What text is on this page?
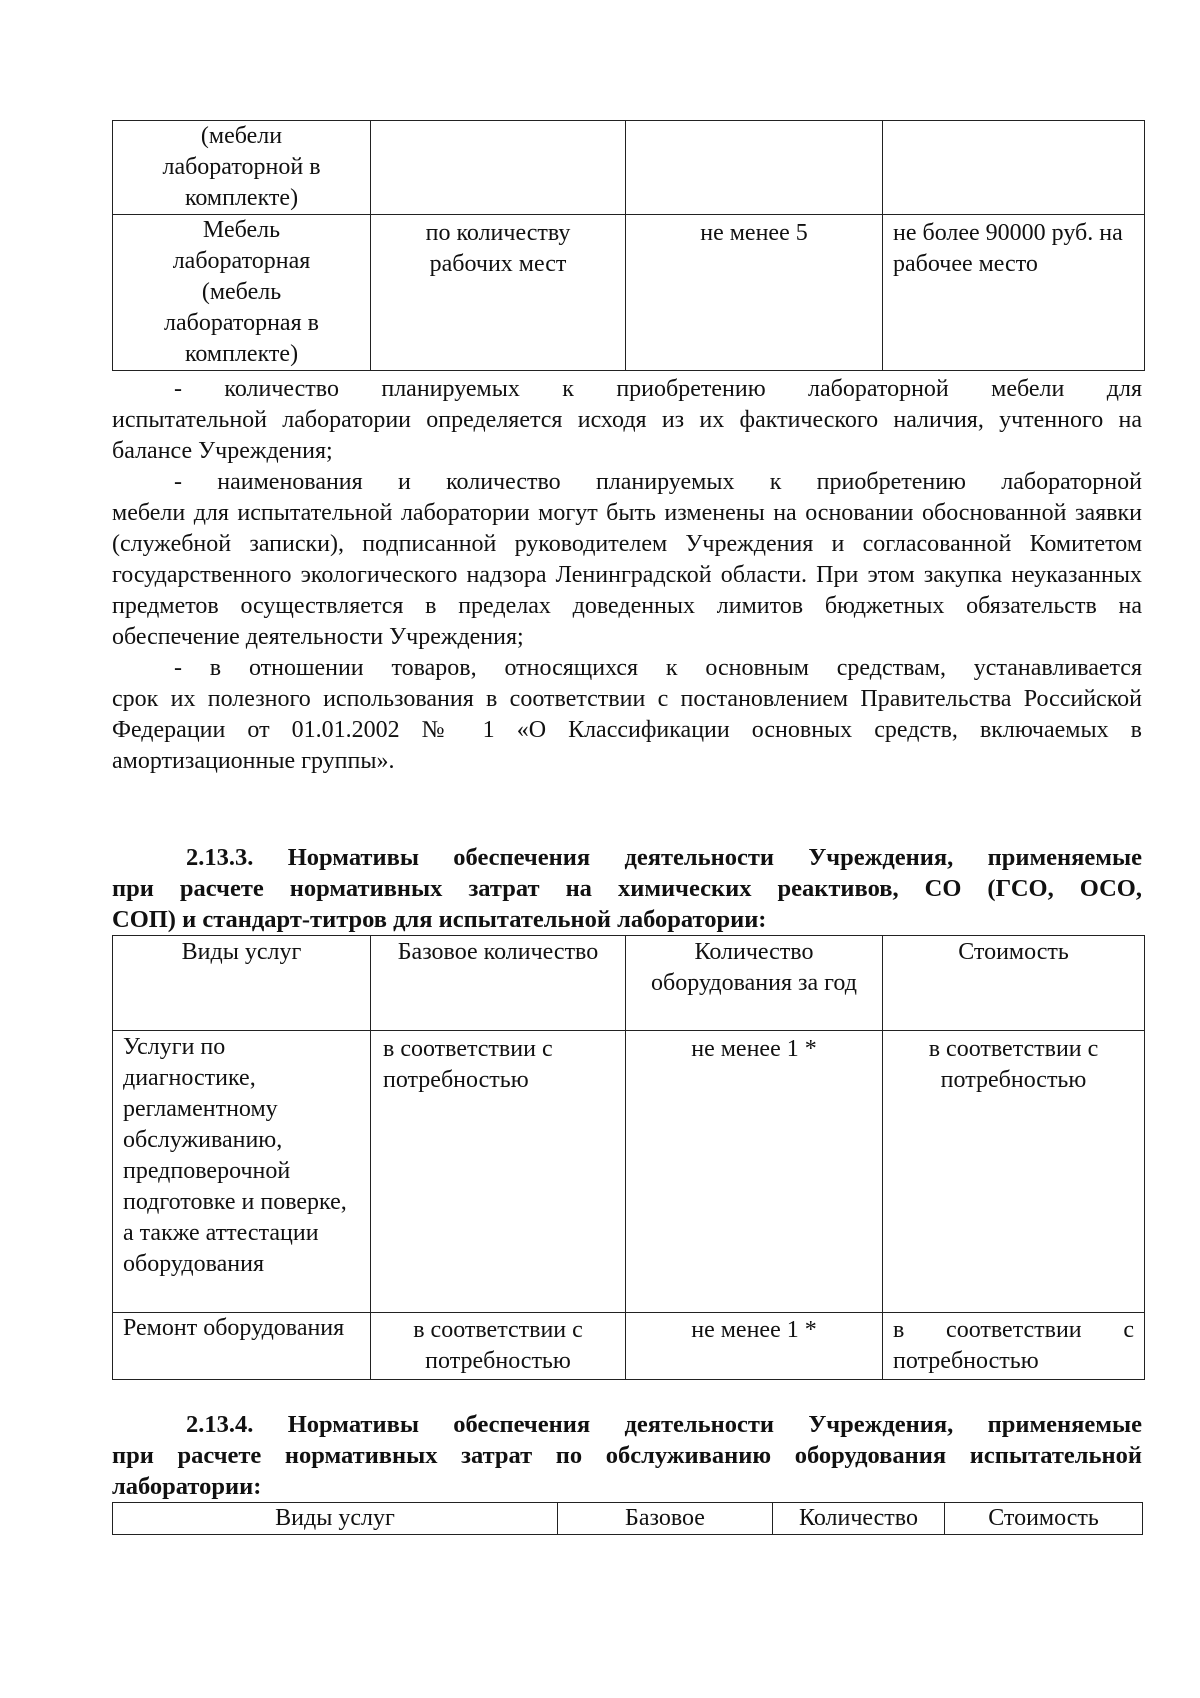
(мебели лабораторной в комплекте)			
Мебель лабораторная (мебель лабораторная в комплекте)	по количеству рабочих мест	не менее 5	не более 90000 руб. на рабочее место
- количество планируемых к приобретению лабораторной мебели для
испытательной лаборатории определяется исходя из их фактического наличия, учтенного на балансе Учреждения;
- наименования и количество планируемых к приобретению лабораторной
мебели для испытательной лаборатории могут быть изменены на основании обоснованной заявки (служебной записки), подписанной руководителем Учреждения и согласованной Комитетом государственного экологического надзора Ленинградской области. При этом закупка неуказанных предметов осуществляется в пределах доведенных лимитов бюджетных обязательств на обеспечение деятельности Учреждения;
- в отношении товаров, относящихся к основным средствам, устанавливается
срок их полезного использования в соответствии с постановлением Правительства Российской Федерации от 01.01.2002 № 1 «О Классификации основных средств, включаемых в амортизационные группы».
2.13.3. Нормативы обеспечения деятельности Учреждения, применяемые
при расчете нормативных затрат на химических реактивов, СО (ГСО, ОСО,
СОП) и стандарт-титров для испытательной лаборатории:
Виды услуг	Базовое количество	Количество оборудования за год	Стоимость
Услуги по диагностике, регламентному обслуживанию, предповерочной подготовке и поверке, а также аттестации оборудования	в соответствии с потребностью	не менее 1 *	в соответствии с потребностью
Ремонт оборудования	в соответствии с потребностью	не менее 1 *	в соответствии с потребностью
2.13.4. Нормативы обеспечения деятельности Учреждения, применяемые
при расчете нормативных затрат по обслуживанию оборудования испытательной
лаборатории:
Виды услуг	Базовое	Количество	Стоимость
